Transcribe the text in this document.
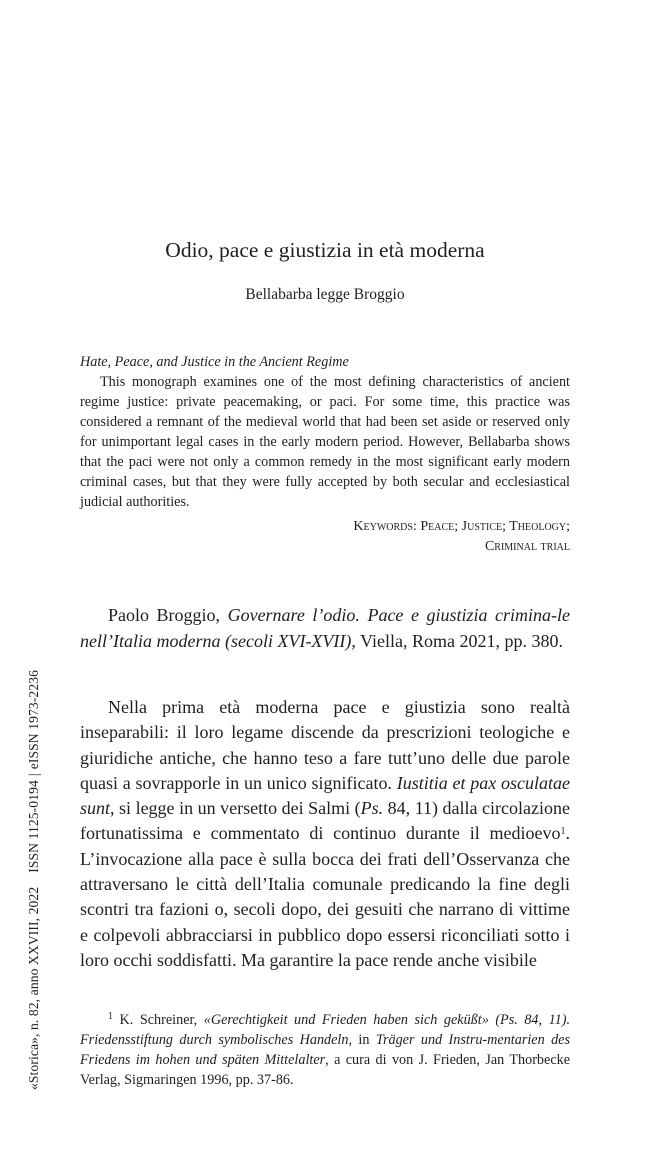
Odio, pace e giustizia in età moderna
Bellabarba legge Broggio
Hate, Peace, and Justice in the Ancient Regime

This monograph examines one of the most defining characteristics of ancient regime justice: private peacemaking, or paci. For some time, this practice was considered a remnant of the medieval world that had been set aside or reserved only for unimportant legal cases in the early modern period. However, Bellabarba shows that the paci were not only a common remedy in the most significant early modern criminal cases, but that they were fully accepted by both secular and ecclesiastical judicial authorities.

Keywords: Peace; Justice; Theology;
Criminal trial
«Storica», n. 82, anno XXVIII, 2022    ISSN 1125-0194|eISSN 1973-2236

Paolo Broggio, Governare l’odio. Pace e giustizia crimina-le nell’Italia moderna (secoli XVI-XVII), Viella, Roma 2021, pp. 380.

Nella prima età moderna pace e giustizia sono realtà inseparabili: il loro legame discende da prescrizioni teologiche e giuridiche antiche, che hanno teso a fare tutt’uno delle due parole quasi a sovrapporle in un unico significato. Iustitia et pax osculatae sunt, si legge in un versetto dei Salmi (Ps. 84, 11) dalla circolazione fortunatissima e commentato di continuo durante il medioevo$^1$. L’invocazione alla pace è sulla bocca dei frati dell’Osservanza che attraversano le città dell’Italia comunale predicando la fine degli scontri tra fazioni o, secoli dopo, dei gesuiti che narrano di vittime e colpevoli abbracciarsi in pubblico dopo essersi riconciliati sotto i loro occhi soddisfatti. Ma garantire la pace rende anche visibile

$^1$ K. Schreiner, «Gerechtigkeit und Frieden haben sich geküßt» (Ps. 84, 11). Friedensstiftung durch symbolisches Handeln, in Träger und Instru-mentarien des Friedens im hohen und späten Mittelalter, a cura di von J. Frieden, Jan Thorbecke Verlag, Sigmaringen 1996, pp. 37-86.
